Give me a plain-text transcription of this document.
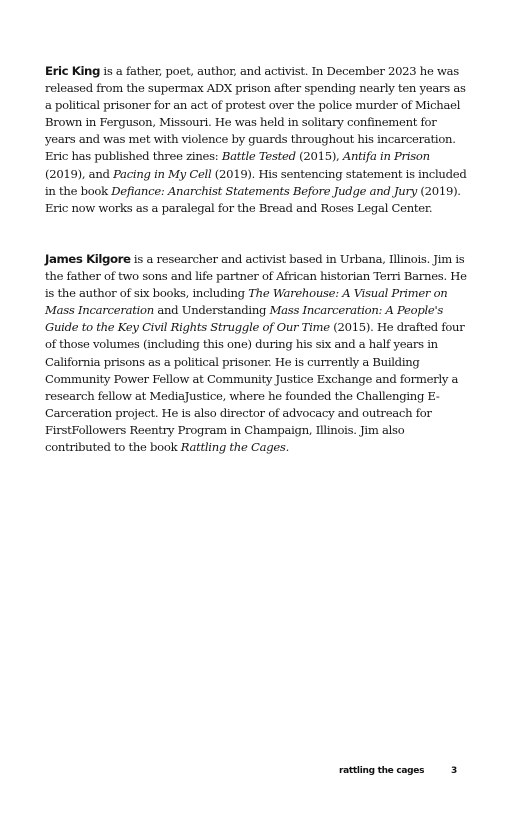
Eric King is a father, poet, author, and activist. In December 2023 he was released from the supermax ADX prison after spending nearly ten years as a political prisoner for an act of protest over the police murder of Michael Brown in Ferguson, Missouri. He was held in solitary confinement for years and was met with violence by guards throughout his incarceration. Eric has published three zines: Battle Tested (2015), Antifa in Prison (2019), and Pacing in My Cell (2019). His sentencing statement is included in the book Defiance: Anarchist Statements Before Judge and Jury (2019). Eric now works as a paralegal for the Bread and Roses Legal Center.

James Kilgore is a researcher and activist based in Urbana, Illinois. Jim is the father of two sons and life partner of African historian Terri Barnes. He is the author of six books, including The Warehouse: A Visual Primer on Mass Incarceration and Understanding Mass Incarceration: A People's Guide to the Key Civil Rights Struggle of Our Time (2015). He drafted four of those volumes (including this one) during his six and a half years in California prisons as a political prisoner. He is currently a Building Community Power Fellow at Community Justice Exchange and formerly a research fellow at MediaJustice, where he founded the Challenging E-Carceration project. He is also director of advocacy and outreach for FirstFollowers Reentry Program in Champaign, Illinois. Jim also contributed to the book Rattling the Cages.

rattling the cages	3
